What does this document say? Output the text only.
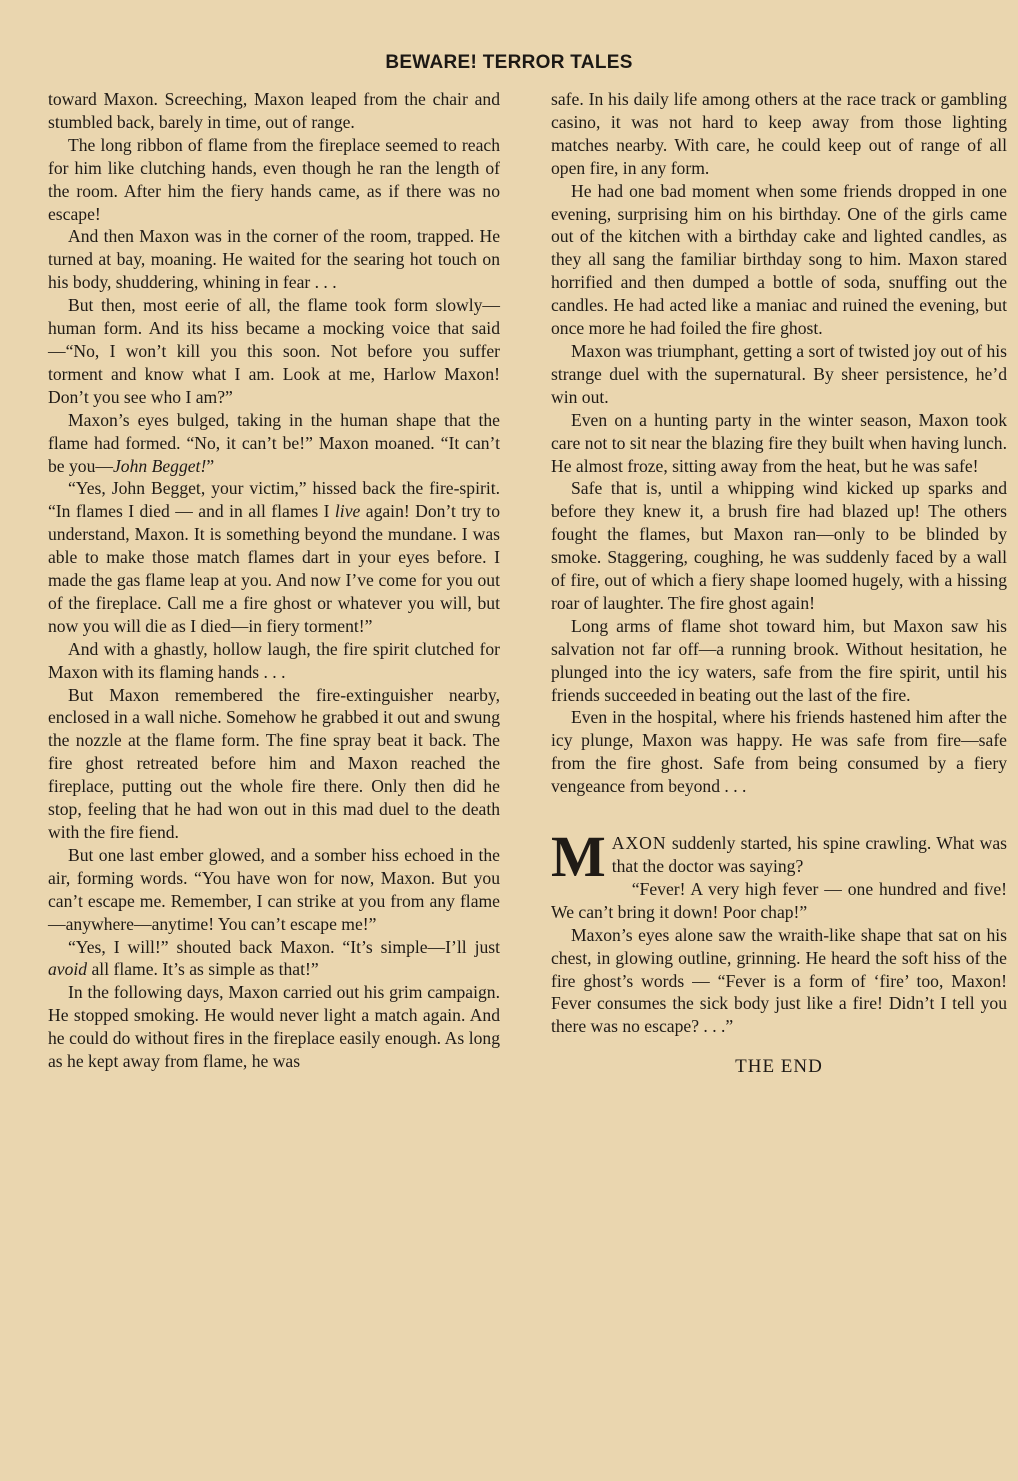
BEWARE! TERROR TALES

toward Maxon. Screeching, Maxon leaped from the chair and stumbled back, barely in time, out of range.

The long ribbon of flame from the fireplace seemed to reach for him like clutching hands, even though he ran the length of the room. After him the fiery hands came, as if there was no escape!

And then Maxon was in the corner of the room, trapped. He turned at bay, moaning. He waited for the searing hot touch on his body, shuddering, whining in fear . . .

But then, most eerie of all, the flame took form slowly—human form. And its hiss became a mocking voice that said—“No, I won’t kill you this soon. Not before you suffer torment and know what I am. Look at me, Harlow Maxon! Don’t you see who I am?”

Maxon’s eyes bulged, taking in the human shape that the flame had formed. “No, it can’t be!” Maxon moaned. “It can’t be you—John Begget!”

“Yes, John Begget, your victim,” hissed back the fire-spirit. “In flames I died — and in all flames I live again! Don’t try to understand, Maxon. It is something beyond the mundane. I was able to make those match flames dart in your eyes before. I made the gas flame leap at you. And now I’ve come for you out of the fireplace. Call me a fire ghost or whatever you will, but now you will die as I died—in fiery torment!”

And with a ghastly, hollow laugh, the fire spirit clutched for Maxon with its flaming hands . . .

But Maxon remembered the fire-extinguisher nearby, enclosed in a wall niche. Somehow he grabbed it out and swung the nozzle at the flame form. The fine spray beat it back. The fire ghost retreated before him and Maxon reached the fireplace, putting out the whole fire there. Only then did he stop, feeling that he had won out in this mad duel to the death with the fire fiend.

But one last ember glowed, and a somber hiss echoed in the air, forming words. “You have won for now, Maxon. But you can’t escape me. Remember, I can strike at you from any flame—anywhere—anytime! You can’t escape me!”

“Yes, I will!” shouted back Maxon. “It’s simple—I’ll just avoid all flame. It’s as simple as that!”

In the following days, Maxon carried out his grim campaign. He stopped smoking. He would never light a match again. And he could do without fires in the fireplace easily enough. As long as he kept away from flame, he was

safe. In his daily life among others at the race track or gambling casino, it was not hard to keep away from those lighting matches nearby. With care, he could keep out of range of all open fire, in any form.

He had one bad moment when some friends dropped in one evening, surprising him on his birthday. One of the girls came out of the kitchen with a birthday cake and lighted candles, as they all sang the familiar birthday song to him. Maxon stared horrified and then dumped a bottle of soda, snuffing out the candles. He had acted like a maniac and ruined the evening, but once more he had foiled the fire ghost.

Maxon was triumphant, getting a sort of twisted joy out of his strange duel with the supernatural. By sheer persistence, he’d win out.

Even on a hunting party in the winter season, Maxon took care not to sit near the blazing fire they built when having lunch. He almost froze, sitting away from the heat, but he was safe!

Safe that is, until a whipping wind kicked up sparks and before they knew it, a brush fire had blazed up! The others fought the flames, but Maxon ran—only to be blinded by smoke. Staggering, coughing, he was suddenly faced by a wall of fire, out of which a fiery shape loomed hugely, with a hissing roar of laughter. The fire ghost again!

Long arms of flame shot toward him, but Maxon saw his salvation not far off—a running brook. Without hesitation, he plunged into the icy waters, safe from the fire spirit, until his friends succeeded in beating out the last of the fire.

Even in the hospital, where his friends hastened him after the icy plunge, Maxon was happy. He was safe from fire—safe from the fire ghost. Safe from being consumed by a fiery vengeance from beyond . . .

MAXON suddenly started, his spine crawling. What was that the doctor was saying?

“Fever! A very high fever — one hundred and five! We can’t bring it down! Poor chap!”

Maxon’s eyes alone saw the wraith-like shape that sat on his chest, in glowing outline, grinning. He heard the soft hiss of the fire ghost’s words — “Fever is a form of ‘fire’ too, Maxon! Fever consumes the sick body just like a fire! Didn’t I tell you there was no escape? . . .”

THE END
